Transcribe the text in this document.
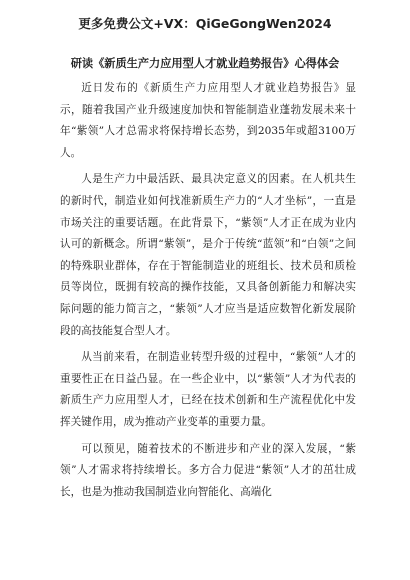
更多免费公文+VX：QiGeGongWen2024
研读《新质生产力应用型人才就业趋势报告》心得体会

近日发布的《新质生产力应用型人才就业趋势报告》显示，随着我国产业升级速度加快和智能制造业蓬勃发展未来十年“紫领”人才总需求将保持增长态势，到2035年或超3100万人。

人是生产力中最活跃、最具决定意义的因素。在人机共生的新时代，制造业如何找准新质生产力的“人才坐标”，一直是市场关注的重要话题。在此背景下，“紫领”人才正在成为业内认可的新概念。所谓“紫领”，是介于传统“蓝领”和“白领”之间的特殊职业群体，存在于智能制造业的班组长、技术员和质检员等岗位，既拥有较高的操作技能，又具备创新能力和解决实际问题的能力简言之，“紫领”人才应当是适应数智化新发展阶段的高技能复合型人才。

从当前来看，在制造业转型升级的过程中，“紫领”人才的重要性正在日益凸显。在一些企业中，以“紫领”人才为代表的新质生产力应用型人才，已经在技术创新和生产流程优化中发挥关键作用，成为推动产业变革的重要力量。

可以预见，随着技术的不断进步和产业的深入发展，“紫领”人才需求将持续增长。多方合力促进“紫领”人才的茁壮成长，也是为推动我国制造业向智能化、高端化
